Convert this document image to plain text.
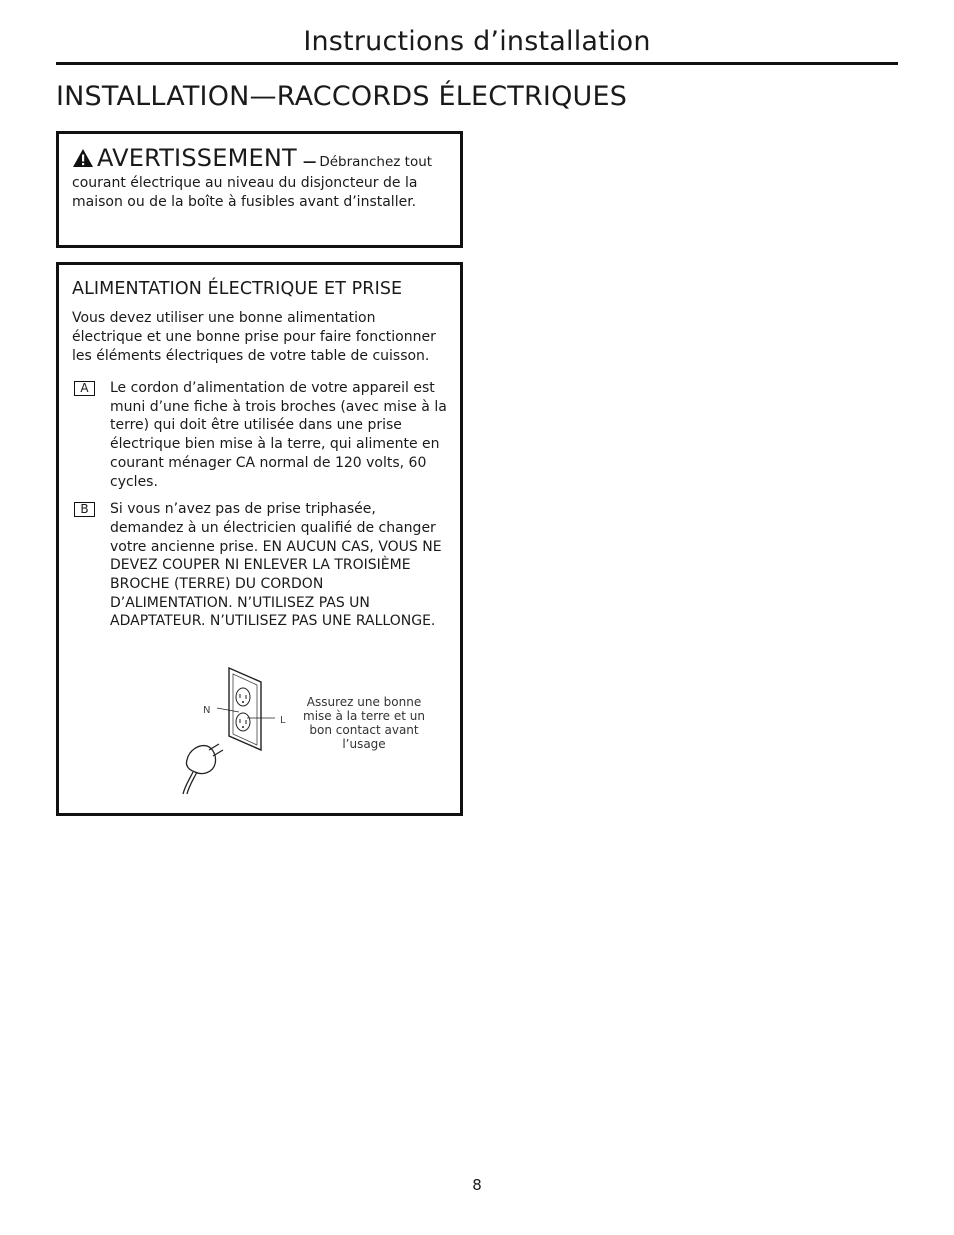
Instructions d’installation
INSTALLATION—RACCORDS ÉLECTRIQUES
AVERTISSEMENT — Débranchez tout
courant électrique au niveau du disjoncteur de la maison ou de la boîte à fusibles avant d’installer.
ALIMENTATION ÉLECTRIQUE ET PRISE
Vous devez utiliser une bonne alimentation électrique et une bonne prise pour faire fonctionner les éléments électriques de votre table de cuisson.
A	Le cordon d’alimentation de votre appareil est muni d’une fiche à trois broches (avec mise à la terre) qui doit être utilisée dans une prise électrique bien mise à la terre, qui alimente en courant ménager CA normal de 120 volts, 60 cycles.
B	Si vous n’avez pas de prise triphasée, demandez à un électricien qualifié de changer votre ancienne prise. EN AUCUN CAS, VOUS NE DEVEZ COUPER NI ENLEVER LA TROISIÈME BROCHE (TERRE) DU CORDON D’ALIMENTATION. N’UTILISEZ PAS UN ADAPTATEUR. N’UTILISEZ PAS UNE RALLONGE.
N
L
Assurez une bonne mise à la terre et un bon contact avant l’usage
8
